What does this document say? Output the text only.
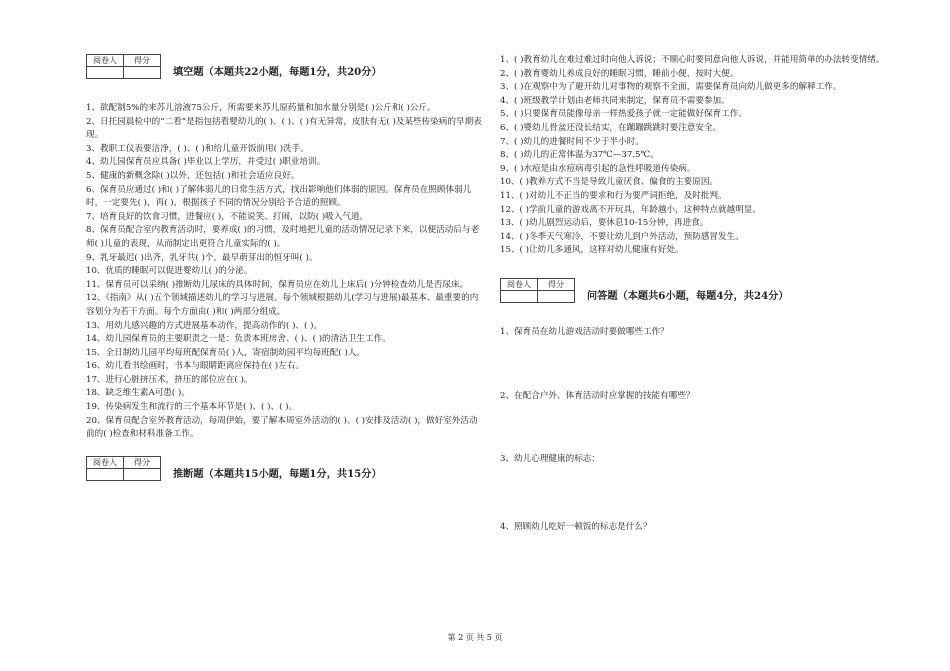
阅卷人	得分

填空题（本题共22小题，每题1分，共20分）

1、欲配制5%的来苏儿溶液75公斤，所需要来苏儿原药量和加水量分别是( )公斤和( )公斤。

2、日托园晨检中的“二看”是指包括看婴幼儿的( )、( )、( )有无异常，皮肤有无( )及某些传染病的早期表现。

3、教职工仪表要洁净，( )、( )和给儿童开饭前用( )洗手。

4、幼儿园保育员应具备( )毕业以上学历，并受过( )职业培训。

5、健康的新概念除( )以外，还包括( )和社会适应良好。

6、保育员应通过( )和( )了解体弱儿的日常生活方式，找出影响他们体弱的原因。保育员在照顾体弱儿时，一定要先( )，再( )，根据孩子不同的情况分别给予合适的照顾。

7、培育良好的饮食习惯，进餐应( )，不能说笑、打闹，以防( )吸入气道。

8、保育员配合室内教育活动时，要养成( )的习惯，及时地把儿童的活动情况记录下来，以便活动后与老师( )儿童的表现，从而制定出更符合儿童实际的( )。

9、乳牙最迟( )出齐，乳牙共( )个，最早萌芽出的恒牙叫( )。

10、优质的睡眠可以促进婴幼儿( )的分泌。

11、保育员可以采纳( )推断幼儿尿床的具体时间，保育员应在幼儿上床后( )分钟检查幼儿是否尿床。

12、《指南》从( )五个领域描述幼儿的学习与进展。每个领域根据幼儿(学习与进展)最基本、最重要的内容划分为若干方面。每个方面由( )和( )两部分组成。

13、用幼儿感兴趣的方式进展基本动作，提高动作的( )、( )。

14、幼儿园保育员的主要职责之一是：负责本班房舍、( )、( )的清洁卫生工作。

15、全日制幼儿园平均每班配保育员( )人，寄宿制幼园平均每班配( )人。

16、幼儿看书绘画时，书本与眼睛距离应保持在( )左右。

17、进行心脏挤压术，挤压的部位应在( )。

18、缺乏维生素A可患( )。

19、传染病发生和流行的三个基本环节是( )、( )、( )。

20、保育员配合室外教育活动，每周伊始，要了解本周室外活动的( )、( )安排及活动( )，做好室外活动前的( )检查和材料准备工作。

阅卷人	得分

推断题（本题共15小题，每题1分，共15分）

1、( )教育幼儿在难过难过时向他人诉说；不顺心时要同意向他人诉说，并能用简单的办法转变情绪。

2、( )教育婴幼儿养成良好的睡眠习惯，睡前小便，按时大便。

3、( )在观察中为了避开幼儿对事物的观察不全面，需要保育员向幼儿做更多的解释工作。

4、( )班级教学计划由老师共同来制定，保育员不需要参加。

5、( )只要保育员能像母亲一样热爱孩子就一定能做好保育工作。

6、( )婴幼儿骨盆还没长结实，在蹦蹦跳跳时要注意安全。

7、( )幼儿的进餐时间不少于半小时。

8、( )幼儿的正常体温为37℃—37.5℃。

9、( )水痘是由水痘病毒引起的急性呼吸道传染病。

10、( )教养方式不当是导致儿童厌食、偏食的主要原因。

11、( )对幼儿不正当的要求和行为要严词拒绝，及时批判。

12、( )学前儿童的游戏离不开玩具，年龄越小，这种特点就越明显。

13、( )幼儿剧烈运动后，要休息10-15分钟，再进食。

14、( )冬季天气寒冷，不要让幼儿到户外活动，预防感冒发生。

15、( )让幼儿多通风，这样对幼儿健康有好处。

阅卷人	得分

问答题（本题共6小题，每题4分，共24分）

1、保育员在幼儿游戏活动时要做哪些工作？

2、在配合户外、体育活动时应掌握的技能有哪些？

3、幼儿心理健康的标志：

4、照顾幼儿吃好一顿饭的标志是什么？

第 2 页 共 5 页
